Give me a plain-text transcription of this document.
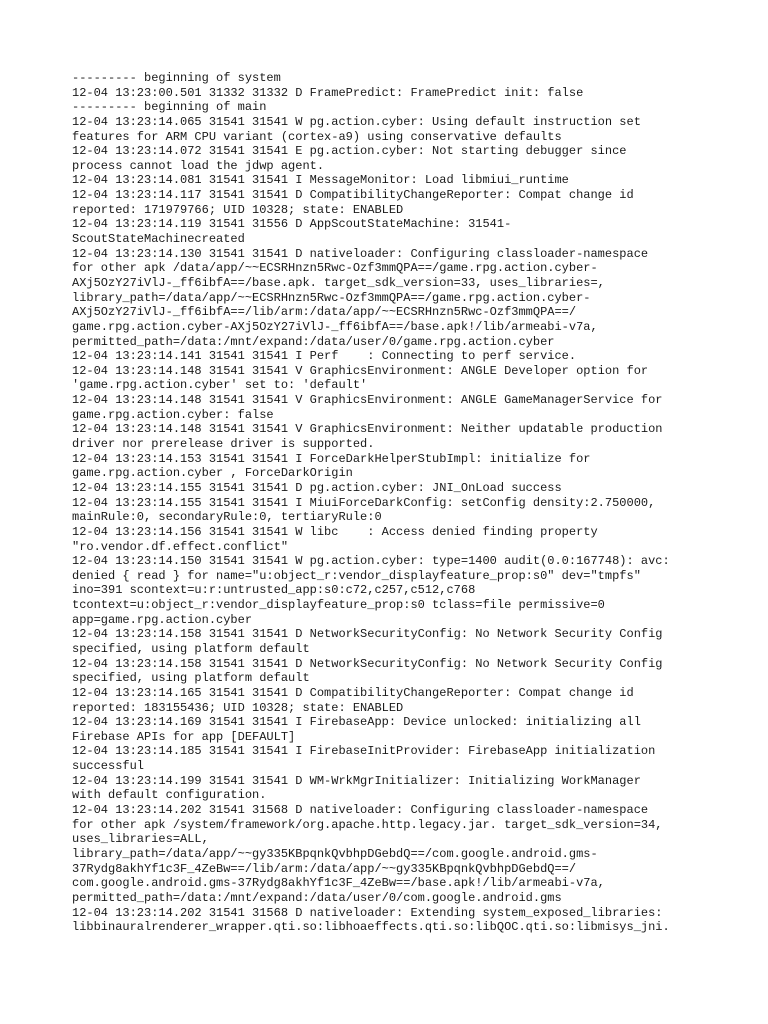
--------- beginning of system
12-04 13:23:00.501 31332 31332 D FramePredict: FramePredict init: false
--------- beginning of main
12-04 13:23:14.065 31541 31541 W pg.action.cyber: Using default instruction set
features for ARM CPU variant (cortex-a9) using conservative defaults
12-04 13:23:14.072 31541 31541 E pg.action.cyber: Not starting debugger since
process cannot load the jdwp agent.
12-04 13:23:14.081 31541 31541 I MessageMonitor: Load libmiui_runtime
12-04 13:23:14.117 31541 31541 D CompatibilityChangeReporter: Compat change id
reported: 171979766; UID 10328; state: ENABLED
12-04 13:23:14.119 31541 31556 D AppScoutStateMachine: 31541-
ScoutStateMachinecreated
12-04 13:23:14.130 31541 31541 D nativeloader: Configuring classloader-namespace
for other apk /data/app/~~ECSRHnzn5Rwc-Ozf3mmQPA==/game.rpg.action.cyber-
AXj5OzY27iVlJ-_ff6ibfA==/base.apk. target_sdk_version=33, uses_libraries=,
library_path=/data/app/~~ECSRHnzn5Rwc-Ozf3mmQPA==/game.rpg.action.cyber-
AXj5OzY27iVlJ-_ff6ibfA==/lib/arm:/data/app/~~ECSRHnzn5Rwc-Ozf3mmQPA==/
game.rpg.action.cyber-AXj5OzY27iVlJ-_ff6ibfA==/base.apk!/lib/armeabi-v7a,
permitted_path=/data:/mnt/expand:/data/user/0/game.rpg.action.cyber
12-04 13:23:14.141 31541 31541 I Perf    : Connecting to perf service.
12-04 13:23:14.148 31541 31541 V GraphicsEnvironment: ANGLE Developer option for
'game.rpg.action.cyber' set to: 'default'
12-04 13:23:14.148 31541 31541 V GraphicsEnvironment: ANGLE GameManagerService for
game.rpg.action.cyber: false
12-04 13:23:14.148 31541 31541 V GraphicsEnvironment: Neither updatable production
driver nor prerelease driver is supported.
12-04 13:23:14.153 31541 31541 I ForceDarkHelperStubImpl: initialize for
game.rpg.action.cyber , ForceDarkOrigin
12-04 13:23:14.155 31541 31541 D pg.action.cyber: JNI_OnLoad success
12-04 13:23:14.155 31541 31541 I MiuiForceDarkConfig: setConfig density:2.750000,
mainRule:0, secondaryRule:0, tertiaryRule:0
12-04 13:23:14.156 31541 31541 W libc    : Access denied finding property
"ro.vendor.df.effect.conflict"
12-04 13:23:14.150 31541 31541 W pg.action.cyber: type=1400 audit(0.0:167748): avc:
denied { read } for name="u:object_r:vendor_displayfeature_prop:s0" dev="tmpfs"
ino=391 scontext=u:r:untrusted_app:s0:c72,c257,c512,c768
tcontext=u:object_r:vendor_displayfeature_prop:s0 tclass=file permissive=0
app=game.rpg.action.cyber
12-04 13:23:14.158 31541 31541 D NetworkSecurityConfig: No Network Security Config
specified, using platform default
12-04 13:23:14.158 31541 31541 D NetworkSecurityConfig: No Network Security Config
specified, using platform default
12-04 13:23:14.165 31541 31541 D CompatibilityChangeReporter: Compat change id
reported: 183155436; UID 10328; state: ENABLED
12-04 13:23:14.169 31541 31541 I FirebaseApp: Device unlocked: initializing all
Firebase APIs for app [DEFAULT]
12-04 13:23:14.185 31541 31541 I FirebaseInitProvider: FirebaseApp initialization
successful
12-04 13:23:14.199 31541 31541 D WM-WrkMgrInitializer: Initializing WorkManager
with default configuration.
12-04 13:23:14.202 31541 31568 D nativeloader: Configuring classloader-namespace
for other apk /system/framework/org.apache.http.legacy.jar. target_sdk_version=34,
uses_libraries=ALL,
library_path=/data/app/~~gy335KBpqnkQvbhpDGebdQ==/com.google.android.gms-
37Rydg8akhYf1c3F_4ZeBw==/lib/arm:/data/app/~~gy335KBpqnkQvbhpDGebdQ==/
com.google.android.gms-37Rydg8akhYf1c3F_4ZeBw==/base.apk!/lib/armeabi-v7a,
permitted_path=/data:/mnt/expand:/data/user/0/com.google.android.gms
12-04 13:23:14.202 31541 31568 D nativeloader: Extending system_exposed_libraries:
libbinauralrenderer_wrapper.qti.so:libhoaeffects.qti.so:libQOC.qti.so:libmisys_jni.
